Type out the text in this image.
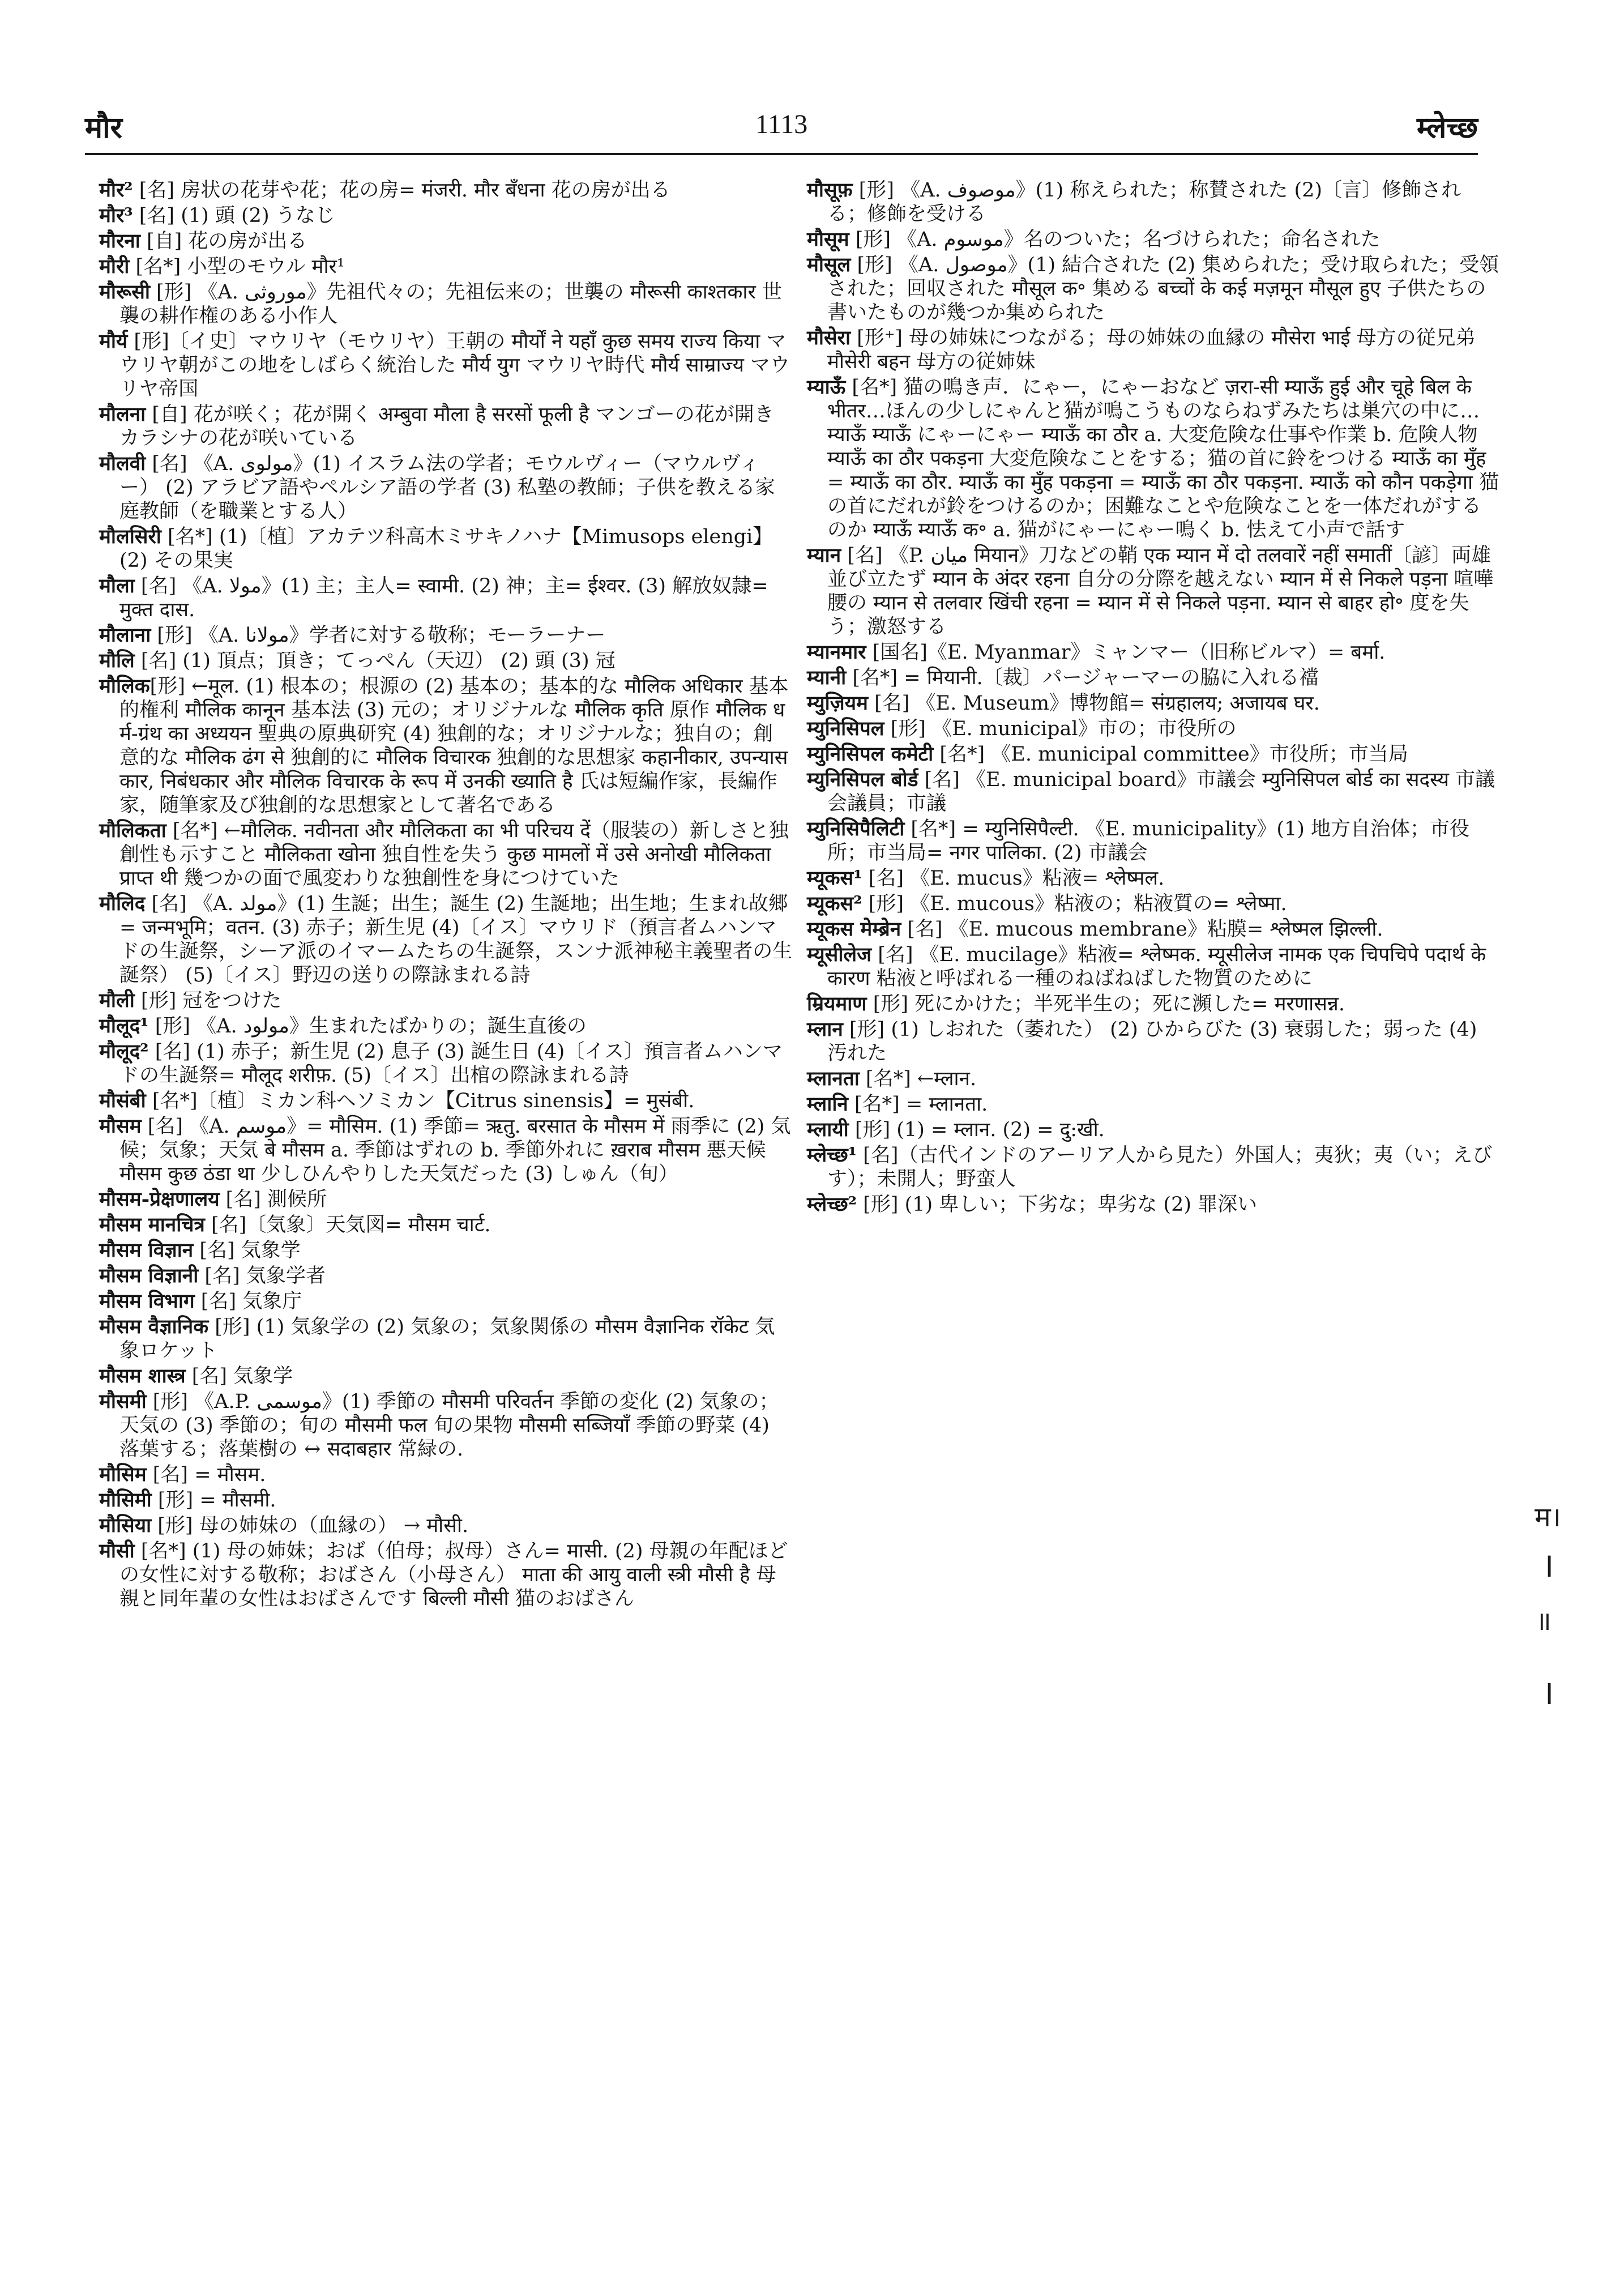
मौर	1113	म्लेच्छ

मौर² [名] 房状の花芽や花；花の房= मंजरी. मौर बँधना 花の房が出る

मौर³ [名] (1) 頭 (2) うなじ

मौरना [自] 花の房が出る

मौरी [名*] 小型のモウル मौर¹

मौरूसी [形] 《A. موروثی》先祖代々の；先祖伝来の；世襲の मौरूसी काश्तकार 世襲の耕作権のある小作人

मौर्य [形]〔イ史〕マウリヤ（モウリヤ）王朝の मौर्यों ने यहाँ कुछ समय राज्य किया マウリヤ朝がこの地をしばらく統治した मौर्य युग マウリヤ時代 मौर्य साम्राज्य マウリヤ帝国

मौलना [自] 花が咲く；花が開く अम्बुवा मौला है सरसों फूली है マンゴーの花が開きカラシナの花が咲いている

मौलवी [名] 《A. مولوی》(1) イスラム法の学者；モウルヴィー（マウルヴィー） (2) アラビア語やペルシア語の学者 (3) 私塾の教師；子供を教える家庭教師（を職業とする人）

मौलसिरी [名*] (1)〔植〕アカテツ科高木ミサキノハナ【Mimusops elengi】 (2) その果実

मौला [名] 《A. مولا》(1) 主；主人= स्वामी. (2) 神；主= ईश्वर. (3) 解放奴隷= मुक्त दास.

मौलाना [形] 《A. مولانا》学者に対する敬称；モーラーナー

मौलि [名] (1) 頂点；頂き；てっぺん（天辺） (2) 頭 (3) 冠

मौलिक[形] ←मूल. (1) 根本の；根源の (2) 基本の；基本的な मौलिक अधिकार 基本的権利 मौलिक कानून 基本法 (3) 元の；オリジナルな मौलिक कृति 原作 मौलिक धर्म-ग्रंथ का अध्ययन 聖典の原典研究 (4) 独創的な；オリジナルな；独自の；創意的な मौलिक ढंग से 独創的に मौलिक विचारक 独創的な思想家 कहानीकार, उपन्यासकार, निबंधकार और मौलिक विचारक के रूप में उनकी ख्याति है 氏は短編作家，長編作家，随筆家及び独創的な思想家として著名である

मौलिकता [名*] ←मौलिक. नवीनता और मौलिकता का भी परिचय दें（服装の）新しさと独創性も示すこと मौलिकता खोना 独自性を失う कुछ मामलों में उसे अनोखी मौलिकता प्राप्त थी 幾つかの面で風変わりな独創性を身につけていた

मौलिद [名] 《A. مولد》(1) 生誕；出生；誕生 (2) 生誕地；出生地；生まれ故郷= जन्मभूमि；वतन. (3) 赤子；新生児 (4)〔イス〕マウリド（預言者ムハンマドの生誕祭，シーア派のイマームたちの生誕祭，スンナ派神秘主義聖者の生誕祭） (5)〔イス〕野辺の送りの際詠まれる詩

मौली [形] 冠をつけた

मौलूद¹ [形] 《A. مولود》生まれたばかりの；誕生直後の

मौलूद² [名] (1) 赤子；新生児 (2) 息子 (3) 誕生日 (4)〔イス〕預言者ムハンマドの生誕祭= मौलूद शरीफ़. (5)〔イス〕出棺の際詠まれる詩

मौसंबी [名*]〔植〕ミカン科ヘソミカン【Citrus sinensis】= मुसंबी.

मौसम [名] 《A. موسم》= मौसिम. (1) 季節= ऋतु. बरसात के मौसम में 雨季に (2) 気候；気象；天気 बे मौसम a. 季節はずれの b. 季節外れに ख़राब मौसम 悪天候 मौसम कुछ ठंडा था 少しひんやりした天気だった (3) しゅん（旬）

मौसम-प्रेक्षणालय [名] 測候所

मौसम मानचित्र [名]〔気象〕天気図= मौसम चार्ट.

मौसम विज्ञान [名] 気象学

मौसम विज्ञानी [名] 気象学者

मौसम विभाग [名] 気象庁

मौसम वैज्ञानिक [形] (1) 気象学の (2) 気象の；気象関係の मौसम वैज्ञानिक रॉकेट 気象ロケット

मौसम शास्त्र [名] 気象学

मौसमी [形] 《A.P. موسمی》(1) 季節の मौसमी परिवर्तन 季節の変化 (2) 気象の；天気の (3) 季節の；旬の मौसमी फल 旬の果物 मौसमी सब्जियाँ 季節の野菜 (4) 落葉する；落葉樹の ↔ सदाबहार 常緑の.

मौसिम [名] = मौसम.

मौसिमी [形] = मौसमी.

मौसिया [形] 母の姉妹の（血縁の） → मौसी.

मौसी [名*] (1) 母の姉妹；おば（伯母；叔母）さん= मासी. (2) 母親の年配ほどの女性に対する敬称；おばさん（小母さん） माता की आयु वाली स्त्री मौसी है 母親と同年輩の女性はおばさんです बिल्ली मौसी 猫のおばさん

मौसूफ़ [形] 《A. موصوف》(1) 称えられた；称賛された (2)〔言〕修飾される；修飾を受ける

मौसूम [形] 《A. موسوم》名のついた；名づけられた；命名された

मौसूल [形] 《A. موصول》(1) 結合された (2) 集められた；受け取られた；受領された；回収された मौसूल क॰ 集める बच्चों के कई मज़मून मौसूल हुए 子供たちの書いたものが幾つか集められた

मौसेरा [形⁺] 母の姉妹につながる；母の姉妹の血縁の मौसेरा भाई 母方の従兄弟 मौसेरी बहन 母方の従姉妹

म्याऊँ [名*] 猫の鳴き声．にゃー，にゃーおなど ज़रा-सी म्याऊँ हुई और चूहे बिल के भीतर…ほんの少しにゃんと猫が鳴こうものならねずみたちは巣穴の中に… म्याऊँ म्याऊँ にゃーにゃー म्याऊँ का ठौर a. 大変危険な仕事や作業 b. 危険人物 म्याऊँ का ठौर पकड़ना 大変危険なことをする；猫の首に鈴をつける म्याऊँ का मुँह = म्याऊँ का ठौर. म्याऊँ का मुँह पकड़ना = म्याऊँ का ठौर पकड़ना. म्याऊँ को कौन पकड़ेगा 猫の首にだれが鈴をつけるのか；困難なことや危険なことを一体だれがするのか म्याऊँ म्याऊँ क॰ a. 猫がにゃーにゃー鳴く b. 怯えて小声で話す

म्यान [名] 《P. میان मियान》刀などの鞘 एक म्यान में दो तलवारें नहीं समातीं〔諺〕両雄並び立たず म्यान के अंदर रहना 自分の分際を越えない म्यान में से निकले पड़ना 喧嘩腰の म्यान से तलवार खिंची रहना = म्यान में से निकले पड़ना. म्यान से बाहर हो॰ 度を失う；激怒する

म्यानमार [国名]《E. Myanmar》ミャンマー（旧称ビルマ）= बर्मा.

म्यानी [名*] = मियानी.〔裁〕パージャーマーの脇に入れる襠

म्युज़ियम [名] 《E. Museum》博物館= संग्रहालय; अजायब घर.

म्युनिसिपल [形] 《E. municipal》市の；市役所の

म्युनिसिपल कमेटी [名*] 《E. municipal committee》市役所；市当局

म्युनिसिपल बोर्ड [名] 《E. municipal board》市議会 म्युनिसिपल बोर्ड का सदस्य 市議会議員；市議

म्युनिसिपैलिटी [名*] = म्युनिसिपैल्टी. 《E. municipality》(1) 地方自治体；市役所；市当局= नगर पालिका. (2) 市議会

म्यूकस¹ [名] 《E. mucus》粘液= श्लेष्मल.

म्यूकस² [形] 《E. mucous》粘液の；粘液質の= श्लेष्मा.

म्यूकस मेम्ब्रेन [名] 《E. mucous membrane》粘膜= श्लेष्मल झिल्ली.

म्यूसीलेज [名] 《E. mucilage》粘液= श्लेष्मक. म्यूसीलेज नामक एक चिपचिपे पदार्थ के कारण 粘液と呼ばれる一種のねばねばした物質のために

म्रियमाण [形] 死にかけた；半死半生の；死に瀕した= मरणासन्न.

म्लान [形] (1) しおれた（萎れた） (2) ひからびた (3) 衰弱した；弱った (4) 汚れた

म्लानता [名*] ←म्लान.

म्लानि [名*] = म्लानता.

म्लायी [形] (1) = म्लान. (2) = दु:खी.

म्लेच्छ¹ [名]（古代インドのアーリア人から見た）外国人；夷狄；夷（い；えびす）；未開人；野蛮人

म्लेच्छ² [形] (1) 卑しい；下劣な；卑劣な (2) 罪深い

म।
।
॥
।
